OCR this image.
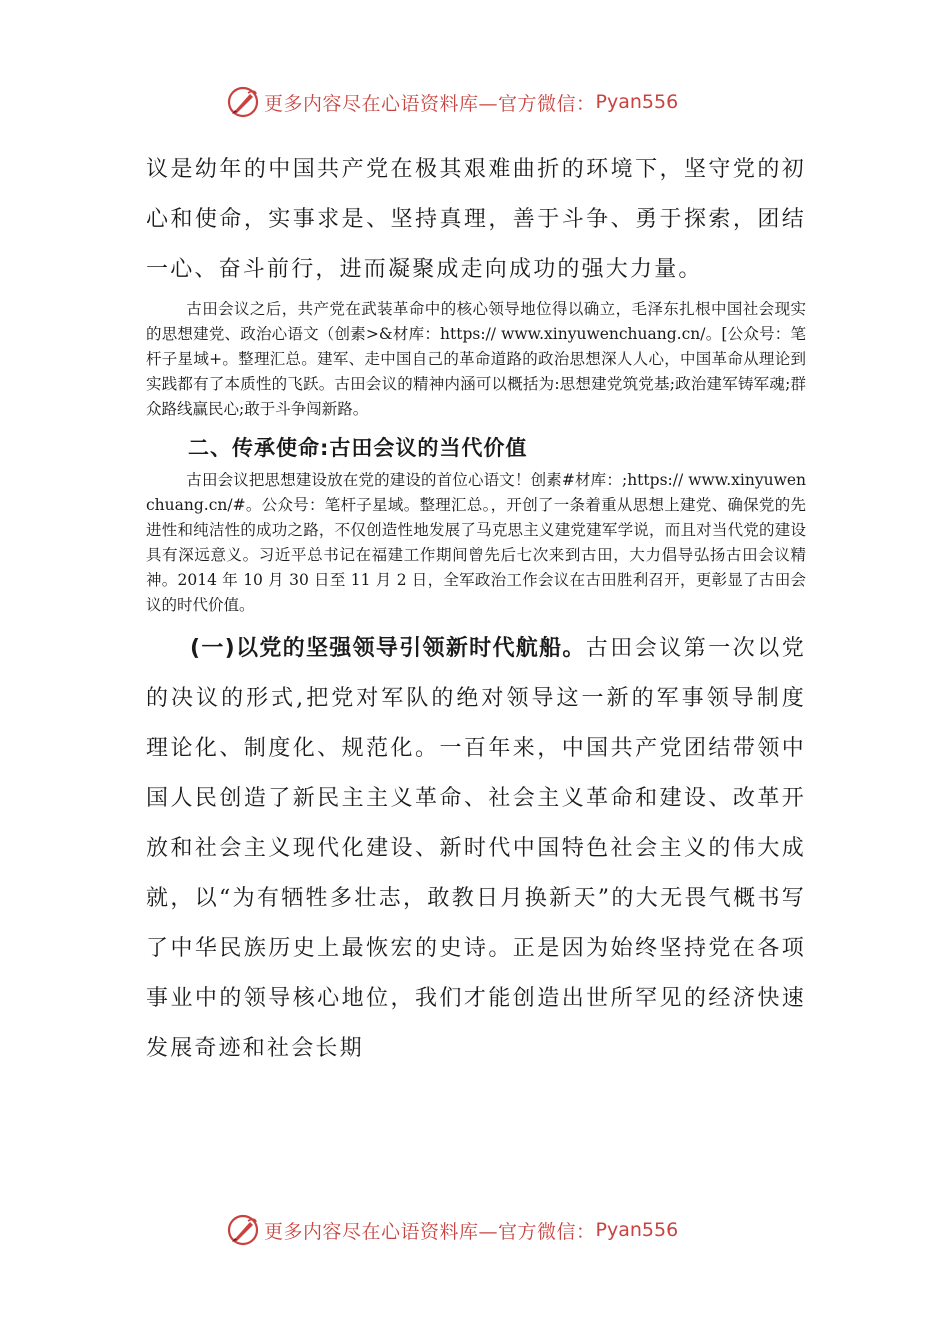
更多内容尽在心语资料库—官方微信： Pyan556

议是幼年的中国共产党在极其艰难曲折的环境下，坚守党的初心和使命，实事求是、坚持真理，善于斗争、勇于探索，团结一心、奋斗前行，进而凝聚成走向成功的强大力量。

古田会议之后，共产党在武装革命中的核心领导地位得以确立，毛泽东扎根中国社会现实的思想建党、政治心语文（创素>&材库：https:// www.xinyuwenchuang.cn/。[公众号：笔杆子星域+。整理汇总。建军、走中国自己的革命道路的政治思想深人人心，中国革命从理论到实践都有了本质性的飞跃。古田会议的精神内涵可以概括为:思想建党筑党基;政治建军铸军魂;群众路线赢民心;敢于斗争闯新路。

二、传承使命:古田会议的当代价值

古田会议把思想建设放在党的建设的首位心语文！创素#材库：;https:// www.xinyuwenchuang.cn/#。公众号：笔杆子星域。整理汇总。，开创了一条着重从思想上建党、确保党的先进性和纯洁性的成功之路，不仅创造性地发展了马克思主义建党建军学说，而且对当代党的建设具有深远意义。习近平总书记在福建工作期间曾先后七次来到古田，大力倡导弘扬古田会议精神。2014 年 10 月 30 日至 11 月 2 日，全军政治工作会议在古田胜利召开，更彰显了古田会议的时代价值。

(一)以党的坚强领导引领新时代航船。古田会议第一次以党的决议的形式,把党对军队的绝对领导这一新的军事领导制度理论化、制度化、规范化。一百年来，中国共产党团结带领中国人民创造了新民主主义革命、社会主义革命和建设、改革开放和社会主义现代化建设、新时代中国特色社会主义的伟大成就，以“为有牺牲多壮志，敢教日月换新天”的大无畏气概书写了中华民族历史上最恢宏的史诗。正是因为始终坚持党在各项事业中的领导核心地位，我们才能创造出世所罕见的经济快速发展奇迹和社会长期

更多内容尽在心语资料库—官方微信： Pyan556
